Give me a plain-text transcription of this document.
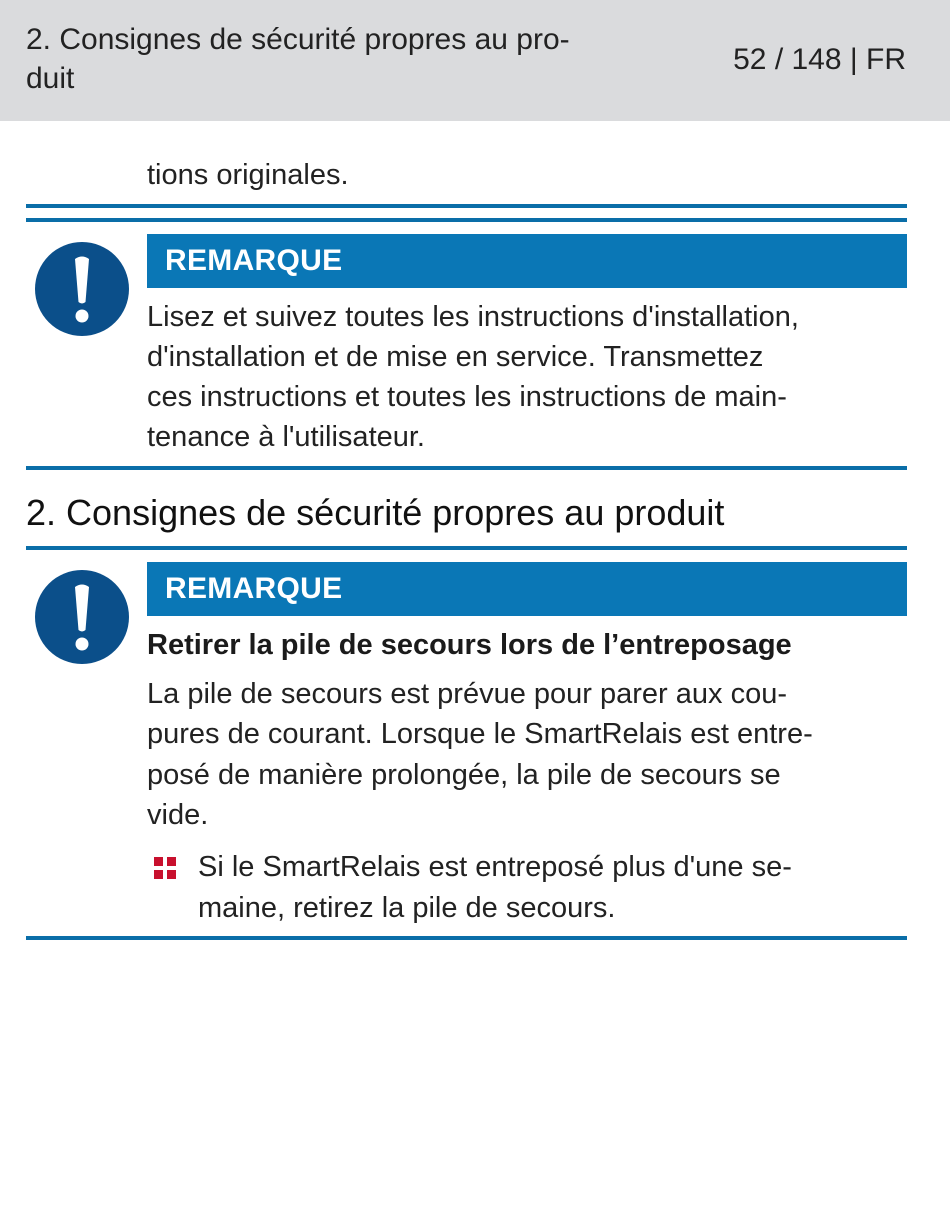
2. Consignes de sécurité propres au pro-
duit
52 / 148 | FR
tions originales.
REMARQUE
Lisez et suivez toutes les instructions d'installation,
d'installation et de mise en service. Transmettez
ces instructions et toutes les instructions de main-
tenance à l'utilisateur.
2. Consignes de sécurité propres au produit
REMARQUE
Retirer la pile de secours lors de l’entreposage
La pile de secours est prévue pour parer aux cou-
pures de courant. Lorsque le SmartRelais est entre-
posé de manière prolongée, la pile de secours se
vide.
Si le SmartRelais est entreposé plus d'une se-
maine, retirez la pile de secours.
